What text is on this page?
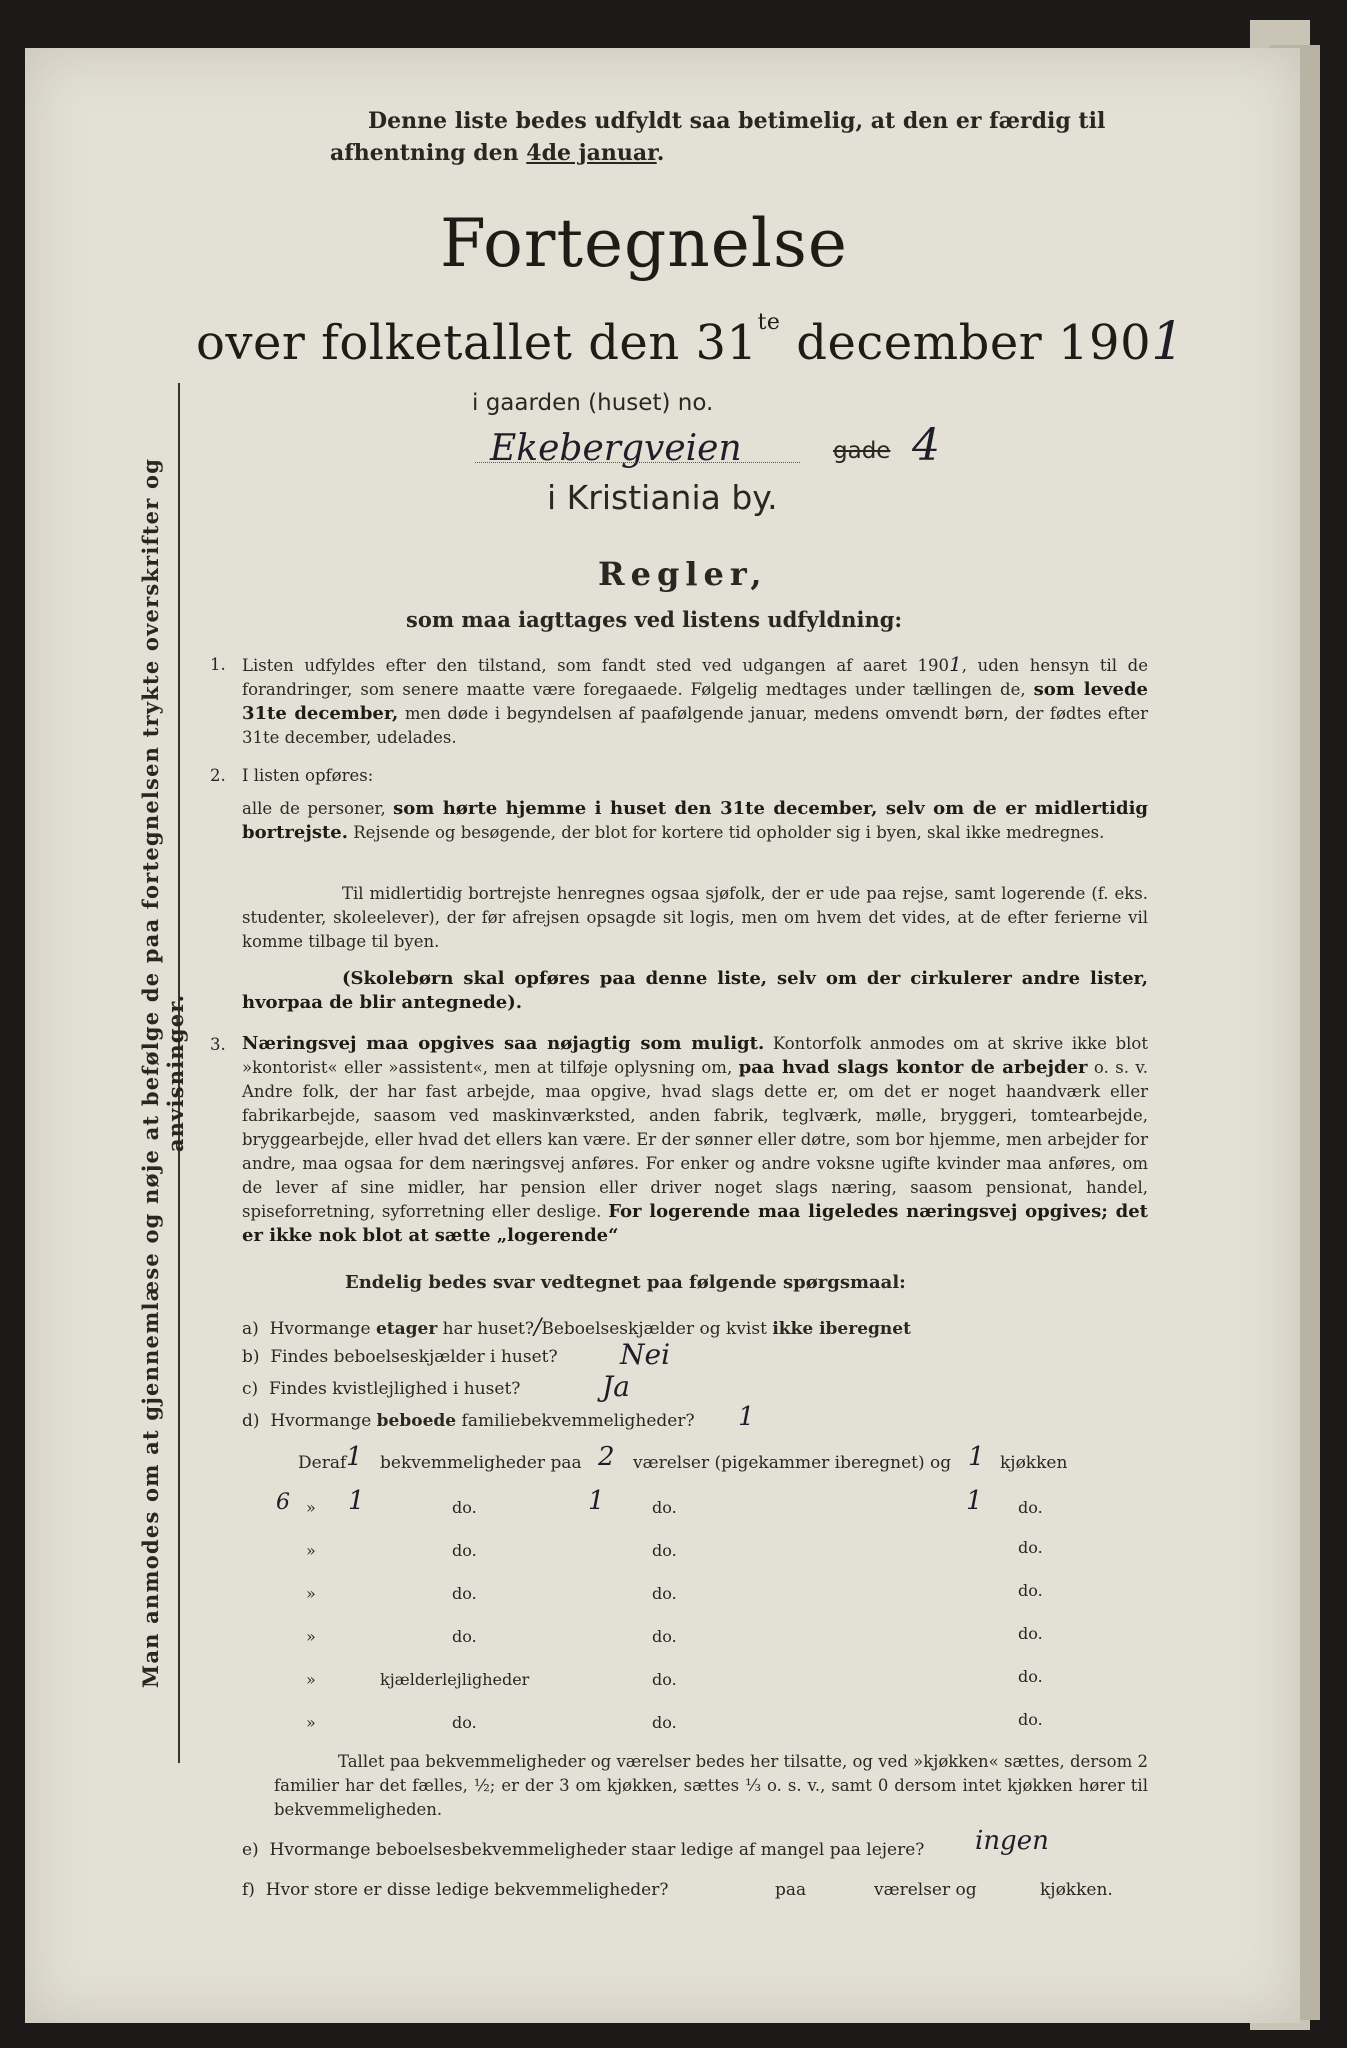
Man anmodes om at gjennemlæse og nøje at befølge de paa fortegnelsen trykte overskrifter og anvisninger.
Denne liste bedes udfyldt saa betimelig, at den er færdig til
afhentning den 4de januar.
Fortegnelse
over folketallet den $31^{te}$ december 1901
i gaarden (huset) no.
Ekebergveien	gade 4
i Kristiania by.
Regler,
som maa iagttages ved listens udfyldning:
1. Listen udfyldes efter den tilstand, som fandt sted ved udgangen af aaret 1901, uden hensyn til de forandringer, som senere maatte være foregaaede. Følgelig medtages under tællingen de, som levede 31te december, men døde i begyndelsen af paafølgende januar, medens omvendt børn, der fødtes efter 31te december, udelades.
2. I listen opføres:
alle de personer, som hørte hjemme i huset den 31te december, selv om de er midlertidig bortrejste. Rejsende og besøgende, der blot for kortere tid opholder sig i byen, skal ikke medregnes.
Til midlertidig bortrejste henregnes ogsaa sjøfolk, der er ude paa rejse, samt logerende (f. eks. studenter, skoleelever), der før afrejsen opsagde sit logis, men om hvem det vides, at de efter ferierne vil komme tilbage til byen.
(Skolebørn skal opføres paa denne liste, selv om der cirkulerer andre lister, hvorpaa de blir antegnede).
3. Næringsvej maa opgives saa nøjagtig som muligt. Kontorfolk anmodes om at skrive ikke blot »kontorist« eller »assistent«, men at tilføje oplysning om, paa hvad slags kontor de arbejder o. s. v. Andre folk, der har fast arbejde, maa opgive, hvad slags dette er, om det er noget haandværk eller fabrikarbejde, saasom ved maskinværksted, anden fabrik, teglværk, mølle, bryggeri, tomtearbejde, bryggearbejde, eller hvad det ellers kan være. Er der sønner eller døtre, som bor hjemme, men arbejder for andre, maa ogsaa for dem næringsvej anføres. For enker og andre voksne ugifte kvinder maa anføres, om de lever af sine midler, har pension eller driver noget slags næring, saasom pensionat, handel, spiseforretning, syforretning eller deslige. For logerende maa ligeledes næringsvej opgives; det er ikke nok blot at sætte „logerende“
Endelig bedes svar vedtegnet paa følgende spørgsmaal:
a) Hvormange etager har huset?/Beboelseskjælder og kvist ikke iberegnet
b) Findes beboelseskjælder i huset? Nei
c) Findes kvistlejlighed i huset?	Ja
d) Hvormange beboede familiebekvemmeligheder? 1
Deraf 1 bekvemmeligheder paa 2 værelser (pigekammer iberegnet) og 1 kjøkken
6 » 1	do.	1	do.	1 do.
»	do.	do.	do.
»	do.	do.	do.
»	do.	do.	do.
»	kjælderlejligheder	do.	do.
»	do.	do.	do.
Tallet paa bekvemmeligheder og værelser bedes her tilsatte, og ved »kjøkken« sættes, dersom 2 familier har det fælles, ½; er der 3 om kjøkken, sættes ⅓ o. s. v., samt 0 dersom intet kjøkken hører til bekvemmeligheden.
e) Hvormange beboelsesbekvemmeligheder staar ledige af mangel paa lejere? ingen
f) Hvor store er disse ledige bekvemmeligheder?	paa	værelser og	kjøkken.
